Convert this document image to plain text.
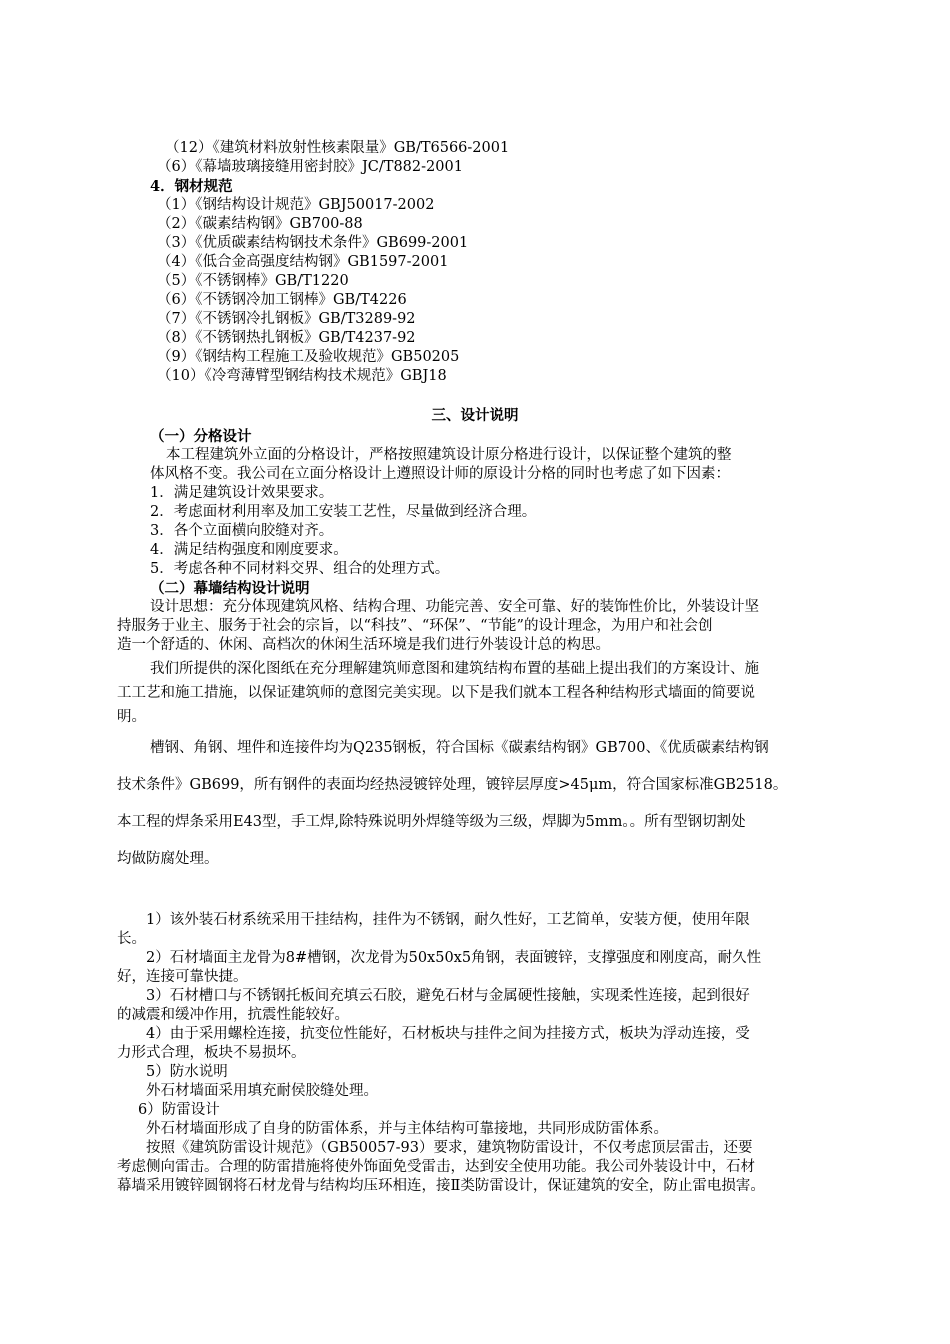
（12）《建筑材料放射性核素限量》GB/T6566-2001
（6）《幕墙玻璃接缝用密封胶》JC/T882-2001
4．钢材规范
（1）《钢结构设计规范》GBJ50017-2002
（2）《碳素结构钢》GB700-88
（3）《优质碳素结构钢技术条件》GB699-2001
（4）《低合金高强度结构钢》GB1597-2001
（5）《不锈钢棒》GB/T1220
（6）《不锈钢冷加工钢棒》GB/T4226
（7）《不锈钢冷扎钢板》GB/T3289-92
（8）《不锈钢热扎钢板》GB/T4237-92
（9）《钢结构工程施工及验收规范》GB50205
（10）《冷弯薄臂型钢结构技术规范》GBJ18
三、设计说明
（一）分格设计
本工程建筑外立面的分格设计，严格按照建筑设计原分格进行设计，以保证整个建筑的整
体风格不变。我公司在立面分格设计上遵照设计师的原设计分格的同时也考虑了如下因素：
1．满足建筑设计效果要求。
2．考虑面材利用率及加工安装工艺性，尽量做到经济合理。
3．各个立面横向胶缝对齐。
4．满足结构强度和刚度要求。
5．考虑各种不同材料交界、组合的处理方式。
（二）幕墙结构设计说明
设计思想：充分体现建筑风格、结构合理、功能完善、安全可靠、好的装饰性价比，外装设计坚
持服务于业主、服务于社会的宗旨，以“科技”、“环保”、“节能”的设计理念，为用户和社会创
造一个舒适的、休闲、高档次的休闲生活环境是我们进行外装设计总的构思。
我们所提供的深化图纸在充分理解建筑师意图和建筑结构布置的基础上提出我们的方案设计、施
工工艺和施工措施，以保证建筑师的意图完美实现。以下是我们就本工程各种结构形式墙面的简要说
明。
槽钢、角钢、埋件和连接件均为Q235钢板，符合国标《碳素结构钢》GB700、《优质碳素结构钢
技术条件》GB699，所有钢件的表面均经热浸镀锌处理，镀锌层厚度>45μm，符合国家标准GB2518。
本工程的焊条采用E43型，手工焊,除特殊说明外焊缝等级为三级，焊脚为5mm。。所有型钢切割处
均做防腐处理。
1）该外装石材系统采用干挂结构，挂件为不锈钢，耐久性好，工艺简单，安装方便，使用年限
长。
2）石材墙面主龙骨为8#槽钢，次龙骨为50x50x5角钢，表面镀锌，支撑强度和刚度高，耐久性
好，连接可靠快捷。
3）石材槽口与不锈钢托板间充填云石胶，避免石材与金属硬性接触，实现柔性连接，起到很好
的减震和缓冲作用，抗震性能较好。
4）由于采用螺栓连接，抗变位性能好，石材板块与挂件之间为挂接方式，板块为浮动连接，受
力形式合理，板块不易损坏。
5）防水说明
外石材墙面采用填充耐侯胶缝处理。
6）防雷设计
外石材墙面形成了自身的防雷体系，并与主体结构可靠接地，共同形成防雷体系。
按照《建筑防雷设计规范》（GB50057-93）要求，建筑物防雷设计，不仅考虑顶层雷击，还要
考虑侧向雷击。合理的防雷措施将使外饰面免受雷击，达到安全使用功能。我公司外装设计中，石材
幕墙采用镀锌圆钢将石材龙骨与结构均压环相连，接Ⅱ类防雷设计，保证建筑的安全，防止雷电损害。
